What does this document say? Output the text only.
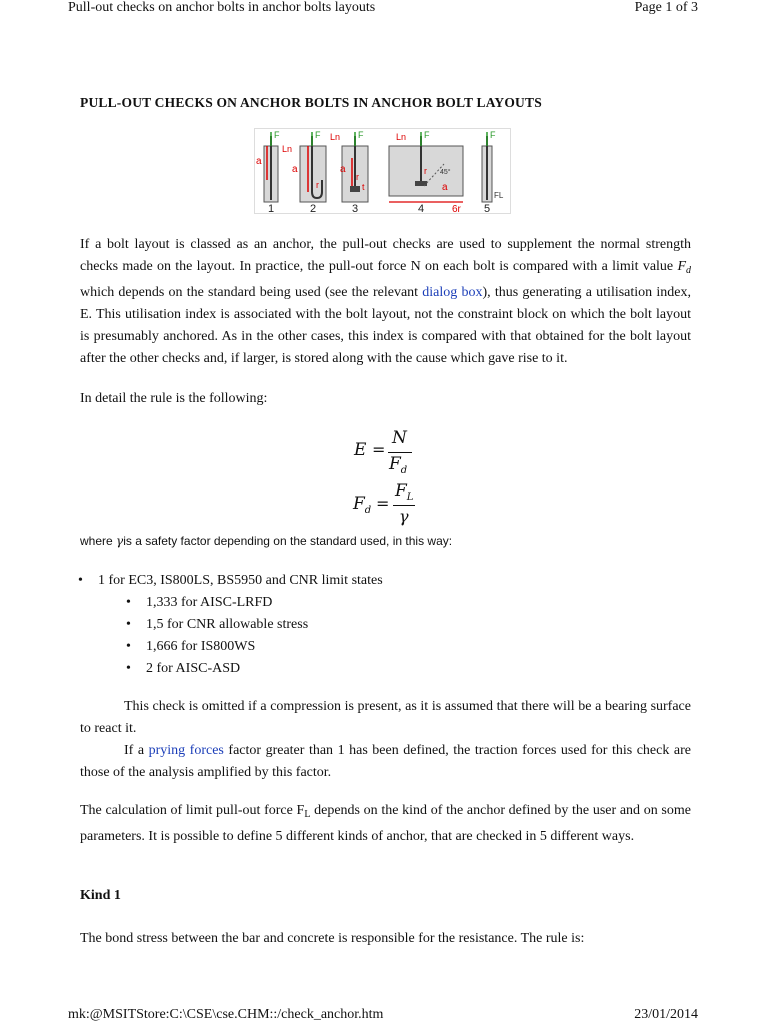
Pull-out checks on anchor bolts in anchor bolts layouts	Page 1 of 3
PULL-OUT CHECKS ON ANCHOR BOLTS IN ANCHOR BOLT LAYOUTS
F
a
Ln
F
a
r
Ln F
a
r
t
Ln F
45°
r
a
6r
F
FL
1	2	3	4	5
If a bolt layout is classed as an anchor, the pull-out checks are used to supplement the normal strength checks made on the layout. In practice, the pull-out force N on each bolt is compared with a limit value $F_d$ which depends on the standard being used (see the relevant dialog box), thus generating a utilisation index, E. This utilisation index is associated with the bolt layout, not the constraint block on which the bolt layout is presumably anchored. As in the other cases, this index is compared with that obtained for the bolt layout after the other checks and, if larger, is stored along with the cause which gave rise to it.
In detail the rule is the following:
E =
N
$F_d$
$F_d$ =
$F_L$
γ
where γis a safety factor depending on the standard used, in this way:
• 1 for EC3, IS800LS, BS5950 and CNR limit states
• 1,333 for AISC-LRFD
• 1,5 for CNR allowable stress
• 1,666 for IS800WS
• 2 for AISC-ASD
This check is omitted if a compression is present, as it is assumed that there will be a bearing surface to react it.
If a prying forces factor greater than 1 has been defined, the traction forces used for this check are those of the analysis amplified by this factor.
The calculation of limit pull-out force $F_L$ depends on the kind of the anchor defined by the user and on some parameters. It is possible to define 5 different kinds of anchor, that are checked in 5 different ways.
Kind 1
The bond stress between the bar and concrete is responsible for the resistance. The rule is:
mk:@MSITStore:C:\CSE\cse.CHM::/check_anchor.htm	23/01/2014
